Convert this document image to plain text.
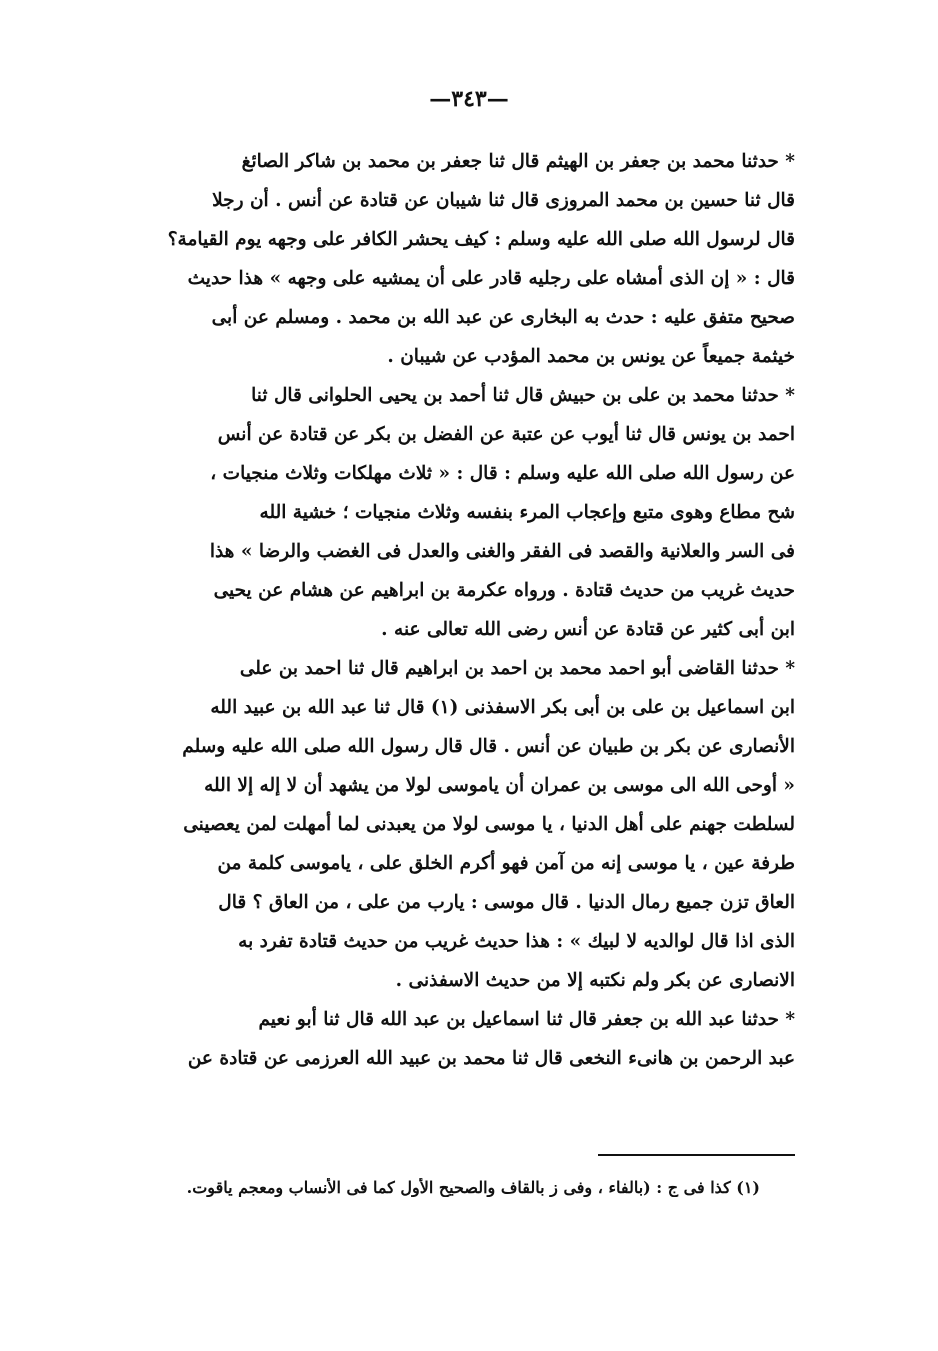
—٣٤٣—
* حدثنا محمد بن جعفر بن الهيثم قال ثنا جعفر بن محمد بن شاكر الصائغ
قال ثنا حسين بن محمد المروزى قال ثنا شيبان عن قتادة عن أنس . أن رجلا
قال لرسول الله صلى الله عليه وسلم : كيف يحشر الكافر على وجهه يوم القيامة؟
قال : « إن الذى أمشاه على رجليه قادر على أن يمشيه على وجهه » هذا حديث
صحيح متفق عليه : حدث به البخارى عن عبد الله بن محمد . ومسلم عن أبى
خيثمة جميعاً عن يونس بن محمد المؤدب عن شيبان .
* حدثنا محمد بن على بن حبيش قال ثنا أحمد بن يحيى الحلوانى قال ثنا
احمد بن يونس قال ثنا أيوب عن عتبة عن الفضل بن بكر عن قتادة عن أنس
عن رسول الله صلى الله عليه وسلم : قال : « ثلاث مهلكات وثلاث منجيات ،
شح مطاع وهوى متبع وإعجاب المرء بنفسه وثلاث منجيات ؛ خشية الله
فى السر والعلانية والقصد فى الفقر والغنى والعدل فى الغضب والرضا » هذا
حديث غريب من حديث قتادة . ورواه عكرمة بن ابراهيم عن هشام عن يحيى
ابن أبى كثير عن قتادة عن أنس رضى الله تعالى عنه .
* حدثنا القاضى أبو احمد محمد بن احمد بن ابراهيم قال ثنا احمد بن على
ابن اسماعيل بن على بن أبى بكر الاسفذنى (١) قال ثنا عبد الله بن عبيد الله
الأنصارى عن بكر بن طبيان عن أنس . قال قال رسول الله صلى الله عليه وسلم
« أوحى الله الى موسى بن عمران أن ياموسى لولا من يشهد أن لا إله إلا الله
لسلطت جهنم على أهل الدنيا ، يا موسى لولا من يعبدنى لما أمهلت لمن يعصينى
طرفة عين ، يا موسى إنه من آمن فهو أكرم الخلق على ، ياموسى كلمة من
العاق تزن جميع رمال الدنيا . قال موسى : يارب من على ، من العاق ؟ قال
الذى اذا قال لوالديه لا لبيك » : هذا حديث غريب من حديث قتادة تفرد به
الانصارى عن بكر ولم نكتبه إلا من حديث الاسفذنى .
* حدثنا عبد الله بن جعفر قال ثنا اسماعيل بن عبد الله قال ثنا أبو نعيم
عبد الرحمن بن هانىء النخعى قال ثنا محمد بن عبيد الله العرزمى عن قتادة عن
(١) كذا فى ج : (بالفاء ، وفى ز بالقاف والصحيح الأول كما فى الأنساب ومعجم ياقوت.
